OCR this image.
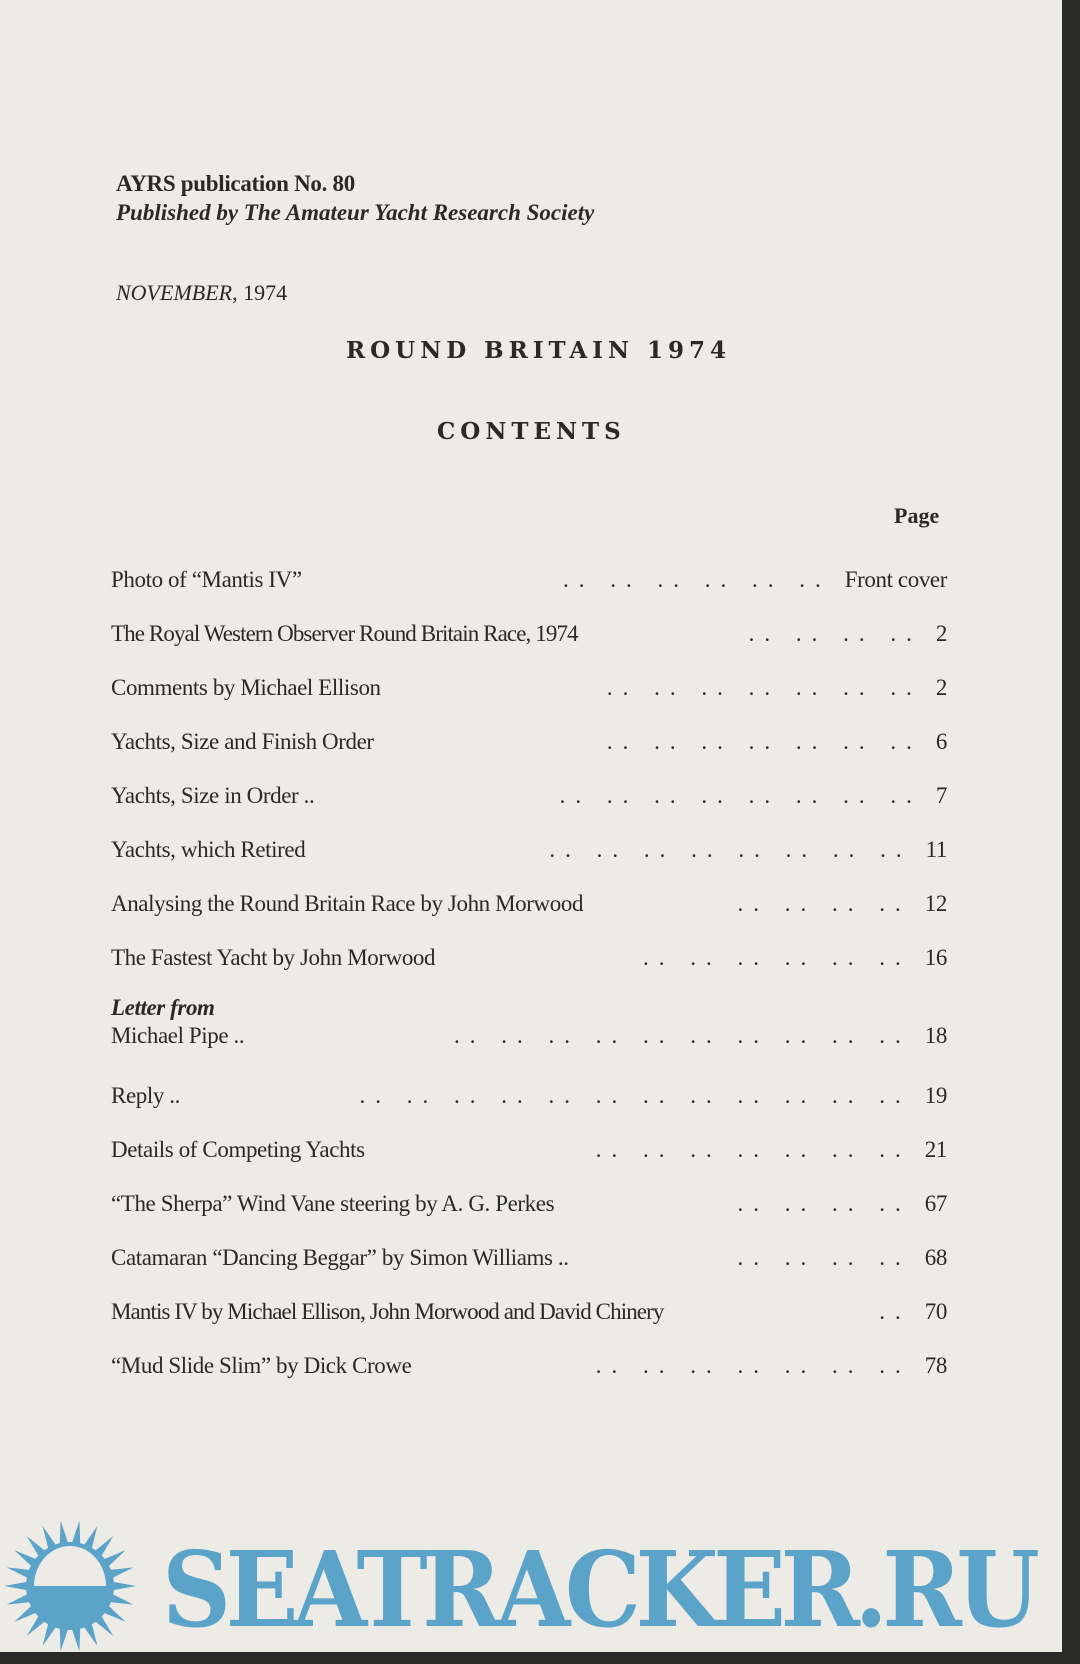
AYRS publication No. 80
Published by The Amateur Yacht Research Society
NOVEMBER, 1974
ROUND BRITAIN 1974
CONTENTS
Page
Photo of “Mantis IV”	.. .. .. .. .. .. Front cover
The Royal Western Observer Round Britain Race, 1974	.. .. .. .. 2
Comments by Michael Ellison	.. .. .. .. .. .. .. 2
Yachts, Size and Finish Order	.. .. .. .. .. .. .. 6
Yachts, Size in Order ..	.. .. .. .. .. .. .. .. 7
Yachts, which Retired	.. .. .. .. .. .. .. .. 11
Analysing the Round Britain Race by John Morwood	.. .. .. .. 12
The Fastest Yacht by John Morwood	.. .. .. .. .. .. 16
Letter from
Michael Pipe ..	.. .. .. .. .. .. .. .. .. .. 18
Reply ..	.. .. .. .. .. .. .. .. .. .. .. .. 19
Details of Competing Yachts	.. .. .. .. .. .. .. 21
“The Sherpa” Wind Vane steering by A. G. Perkes	.. .. .. .. 67
Catamaran “Dancing Beggar” by Simon Williams ..	.. .. .. .. 68
Mantis IV by Michael Ellison, John Morwood and David Chinery	.. 70
“Mud Slide Slim” by Dick Crowe	.. .. .. .. .. .. .. 78
SEATRACKER.RU
